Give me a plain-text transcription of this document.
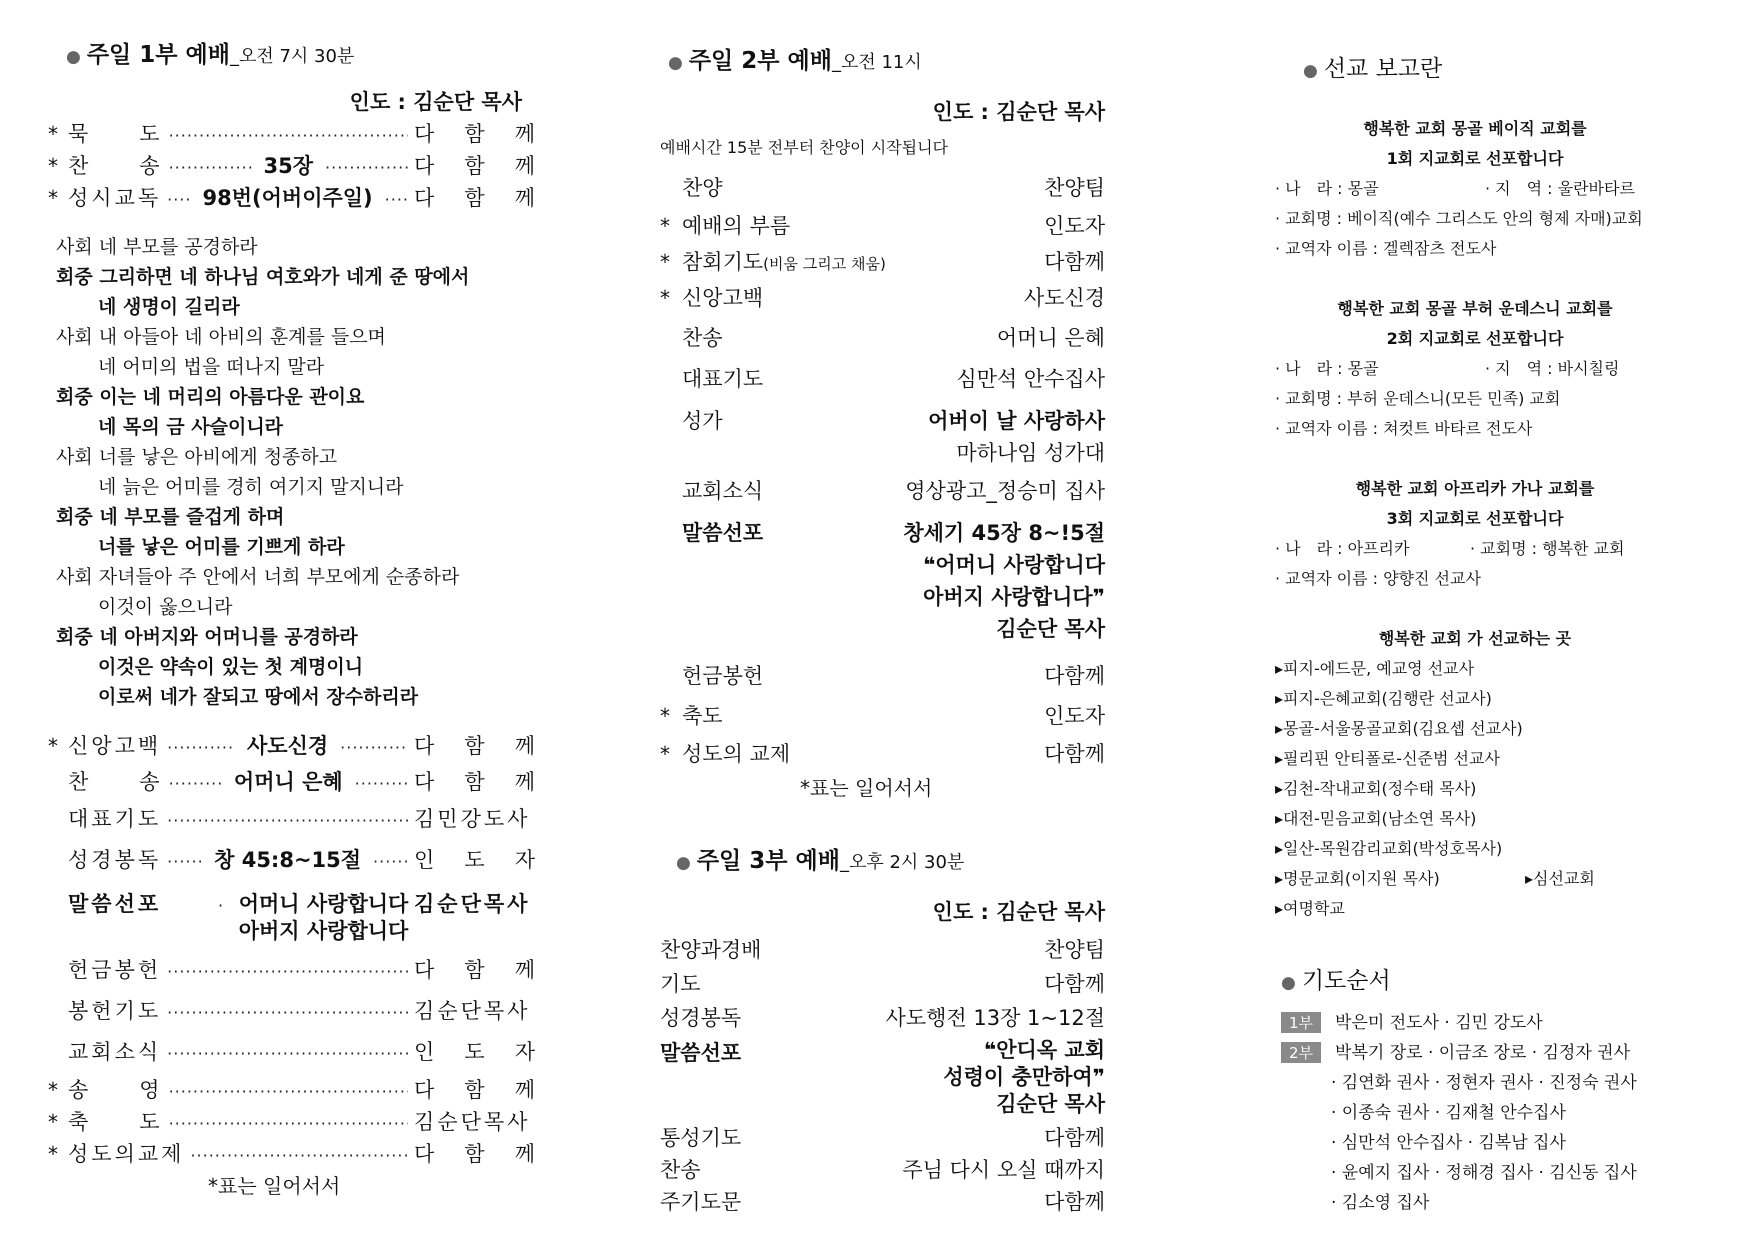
● 주일 1부 예배 _오전 7시 30분
인도 : 김순단 목사
* 묵　　도 ·····	다 함 께
* 찬　　송 ·····	35장 ·····	다 함 께
* 성시교독 ····· 98번(어버이주일) ····· 다 함 께
사회 네 부모를 공경하라
회중 그리하면 네 하나님 여호와가 네게 준 땅에서
네 생명이 길리라
사회 내 아들아 네 아비의 훈계를 들으며
네 어미의 법을 떠나지 말라
회중 이는 네 머리의 아름다운 관이요
네 목의 금 사슬이니라
사회 너를 낳은 아비에게 청종하고
네 늙은 어미를 경히 여기지 말지니라
회중 네 부모를 즐겁게 하며
너를 낳은 어미를 기쁘게 하라
사회 자녀들아 주 안에서 너희 부모에게 순종하라
이것이 옳으니라
회중 네 아버지와 어머니를 공경하라
이것은 약속이 있는 첫 계명이니
이로써 네가 잘되고 땅에서 장수하리라
* 신앙고백 ·····	사도신경 ·····	다 함 께
찬　　송 ·····	어머니 은혜 ·····	다 함 께
대표기도 ·····	김민강도사
성경봉독 ·····	창 45:8~15절 ·····	인 도 자
말씀선포	· 어머니 사랑합니다
아버지 사랑합니다
김순단목사
헌금봉헌 ·····	다 함 께
봉헌기도 ·····	김순단목사
교회소식 ·····	인 도 자
* 송　　영 ·····	다 함 께
* 축　　도 ·····	김순단목사
* 성도의교제 ·····	다 함 께
*표는 일어서서
● 주일 2부 예배 _오전 11시
인도 : 김순단 목사
예배시간 15분 전부터 찬양이 시작됩니다
찬양	찬양팀
* 예배의 부름	인도자
* 참회기도 (비움 그리고 채움)	다함께
* 신앙고백	사도신경
찬송	어머니 은혜
대표기도	심만석 안수집사
성가	어버이 날 사랑하사
마하나임 성가대
교회소식	영상광고_정승미 집사
말씀선포	창세기 45장 8~!5절
❝어머니 사랑합니다
아버지 사랑합니다❞
김순단 목사
헌금봉헌	다함께
* 축도	인도자
* 성도의 교제	다함께
*표는 일어서서
● 주일 3부 예배 _오후 2시 30분
인도 : 김순단 목사
찬양과경배	찬양팀
기도	다함께
성경봉독	사도행전 13장 1~12절
말씀선포	❝안디옥 교회
성령이 충만하여❞
김순단 목사
통성기도	다함께
찬송	주님 다시 오실 때까지
주기도문	다함께
● 선교 보고란
행복한 교회 몽골 베이직 교회를
1회 지교회로 선포합니다
· 나　라 : 몽골	· 지　역 : 울란바타르
· 교회명 : 베이직(예수 그리스도 안의 형제 자매)교회
· 교역자 이름 : 겔렉잠츠 전도사
행복한 교회 몽골 부허 운데스니 교회를
2회 지교회로 선포합니다
· 나　라 : 몽골	· 지　역 : 바시칠링
· 교회명 : 부허 운데스니(모든 민족) 교회
· 교역자 이름 : 쳐컷트 바타르 전도사
행복한 교회 아프리카 가나 교회를
3회 지교회로 선포합니다
· 나　라 : 아프리카	· 교회명 : 행복한 교회
· 교역자 이름 : 양향진 선교사
행복한 교회 가 선교하는 곳
▸피지-에드문, 예교영 선교사
▸피지-은혜교회(김행란 선교사)
▸몽골-서울몽골교회(김요셉 선교사)
▸필리핀 안티폴로-신준범 선교사
▸김천-작내교회(정수태 목사)
▸대전-믿음교회(남소연 목사)
▸일산-목원감리교회(박성호목사)
▸명문교회(이지원 목사)
▸여명학교
▸심선교회
● 기도순서
1부 박은미 전도사 · 김민 강도사
2부 박복기 장로 · 이금조 장로 · 김정자 권사
· 김연화 권사 · 정현자 권사 · 진정숙 권사
· 이종숙 권사 · 김재철 안수집사
· 심만석 안수집사 · 김복남 집사
· 윤예지 집사 · 정해경 집사 · 김신동 집사
· 김소영 집사
